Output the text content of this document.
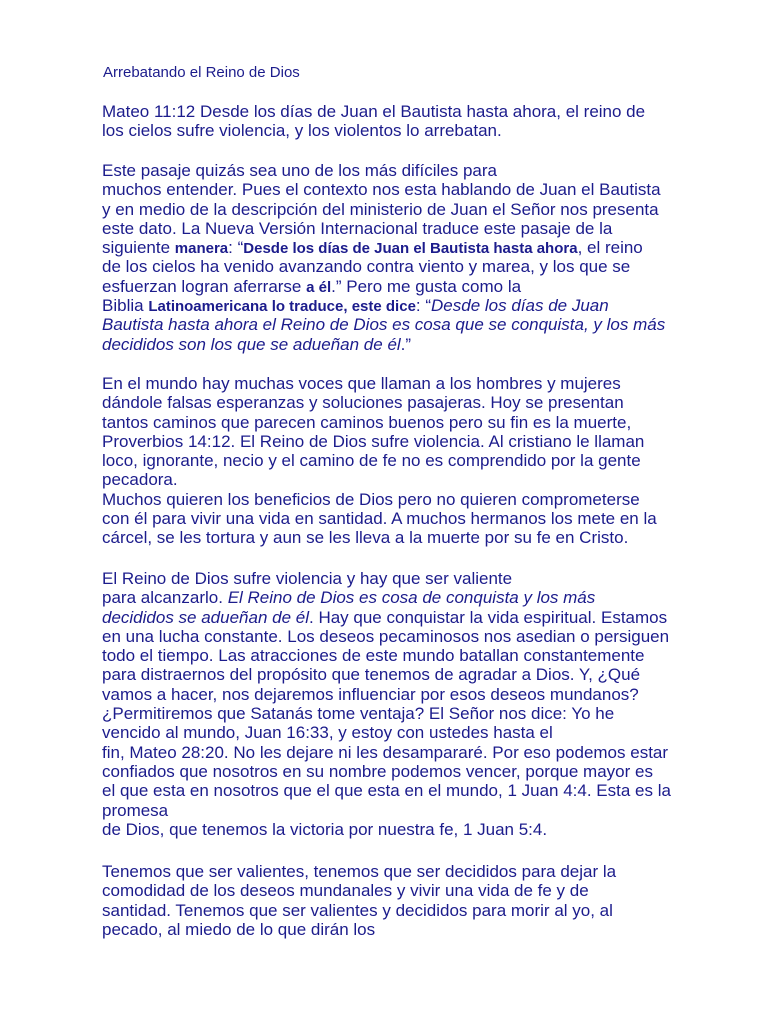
Arrebatando el Reino de Dios
Mateo 11:12 Desde los días de Juan el Bautista hasta ahora, el reino de
los cielos sufre violencia, y los violentos lo arrebatan.
Este pasaje quizás sea uno de los más difíciles para
muchos entender. Pues el contexto nos esta hablando de Juan el Bautista
y en medio de la descripción del ministerio de Juan el Señor nos presenta
este dato. La Nueva Versión Internacional traduce este pasaje de la
siguiente manera: “Desde los días de Juan el Bautista hasta ahora, el reino
de los cielos ha venido avanzando contra viento y marea, y los que se
esfuerzan logran aferrarse a él.” Pero me gusta como la
Biblia Latinoamericana lo traduce, este dice: “Desde los días de Juan
Bautista hasta ahora el Reino de Dios es cosa que se conquista, y los más
decididos son los que se adueñan de él.”
En el mundo hay muchas voces que llaman a los hombres y mujeres
dándole falsas esperanzas y soluciones pasajeras. Hoy se presentan
tantos caminos que parecen caminos buenos pero su fin es la muerte,
Proverbios 14:12. El Reino de Dios sufre violencia. Al cristiano le llaman
loco, ignorante, necio y el camino de fe no es comprendido por la gente
pecadora.
Muchos quieren los beneficios de Dios pero no quieren comprometerse
con él para vivir una vida en santidad. A muchos hermanos los mete en la
cárcel, se les tortura y aun se les lleva a la muerte por su fe en Cristo.
El Reino de Dios sufre violencia y hay que ser valiente
para alcanzarlo. El Reino de Dios es cosa de conquista y los más
decididos se adueñan de él. Hay que conquistar la vida espiritual. Estamos
en una lucha constante. Los deseos pecaminosos nos asedian o persiguen
todo el tiempo. Las atracciones de este mundo batallan constantemente
para distraernos del propósito que tenemos de agradar a Dios. Y, ¿Qué
vamos a hacer, nos dejaremos influenciar por esos deseos mundanos?
¿Permitiremos que Satanás tome ventaja? El Señor nos dice: Yo he
vencido al mundo, Juan 16:33, y estoy con ustedes hasta el
fin, Mateo 28:20. No les dejare ni les desampararé. Por eso podemos estar
confiados que nosotros en su nombre podemos vencer, porque mayor es
el que esta en nosotros que el que esta en el mundo, 1 Juan 4:4. Esta es la
promesa
de Dios, que tenemos la victoria por nuestra fe, 1 Juan 5:4.
Tenemos que ser valientes, tenemos que ser decididos para dejar la
comodidad de los deseos mundanales y vivir una vida de fe y de
santidad. Tenemos que ser valientes y decididos para morir al yo, al
pecado, al miedo de lo que dirán los
